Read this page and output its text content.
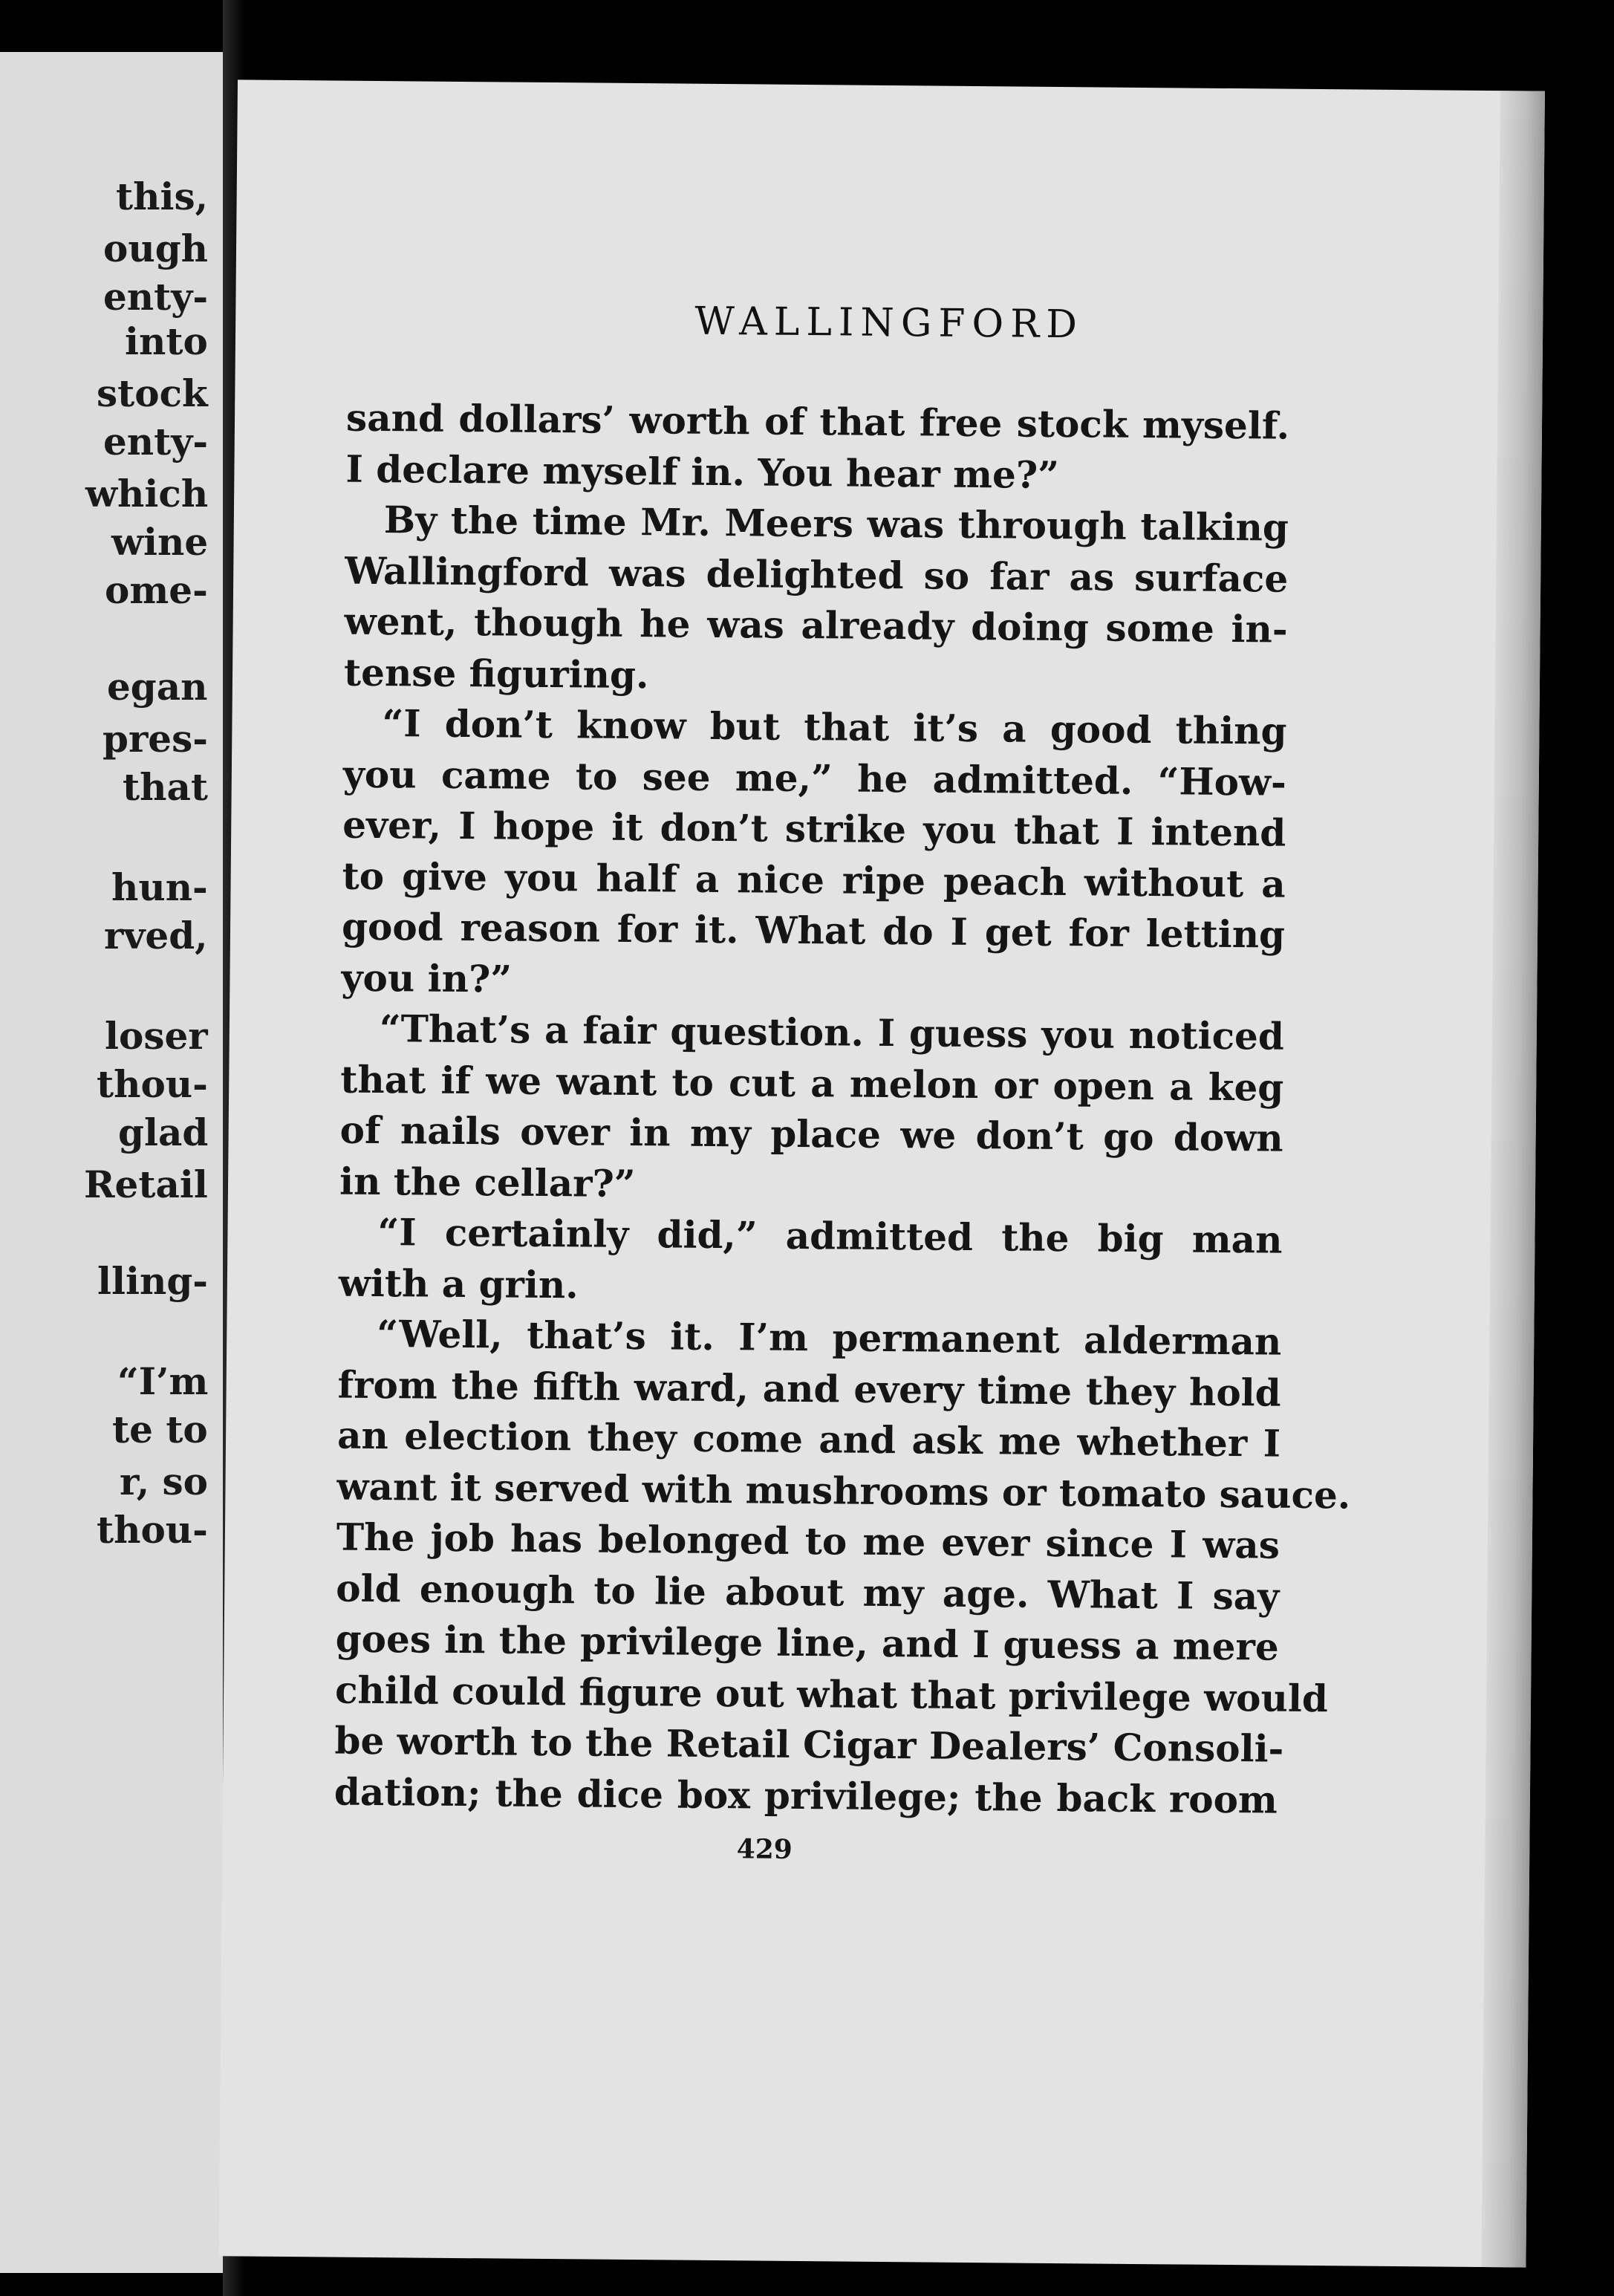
this,
ough
enty-
into
stock
enty-
which
wine
ome-
egan
pres-
that
hun-
rved,
loser
thou-
glad
Retail
lling-
“I’m
te to
r, so
thou-
WALLINGFORD
sand dollars’ worth of that free stock myself.
I declare myself in. You hear me?”
By the time Mr. Meers was through talking
Wallingford was delighted so far as surface
went, though he was already doing some in-
tense figuring.
“I don’t know but that it’s a good thing
you came to see me,” he admitted. “How-
ever, I hope it don’t strike you that I intend
to give you half a nice ripe peach without a
good reason for it. What do I get for letting
you in?”
“That’s a fair question. I guess you noticed
that if we want to cut a melon or open a keg
of nails over in my place we don’t go down
in the cellar?”
“I certainly did,” admitted the big man
with a grin.
“Well, that’s it. I’m permanent alderman
from the fifth ward, and every time they hold
an election they come and ask me whether I
want it served with mushrooms or tomato sauce.
The job has belonged to me ever since I was
old enough to lie about my age. What I say
goes in the privilege line, and I guess a mere
child could figure out what that privilege would
be worth to the Retail Cigar Dealers’ Consoli-
dation; the dice box privilege; the back room
429
